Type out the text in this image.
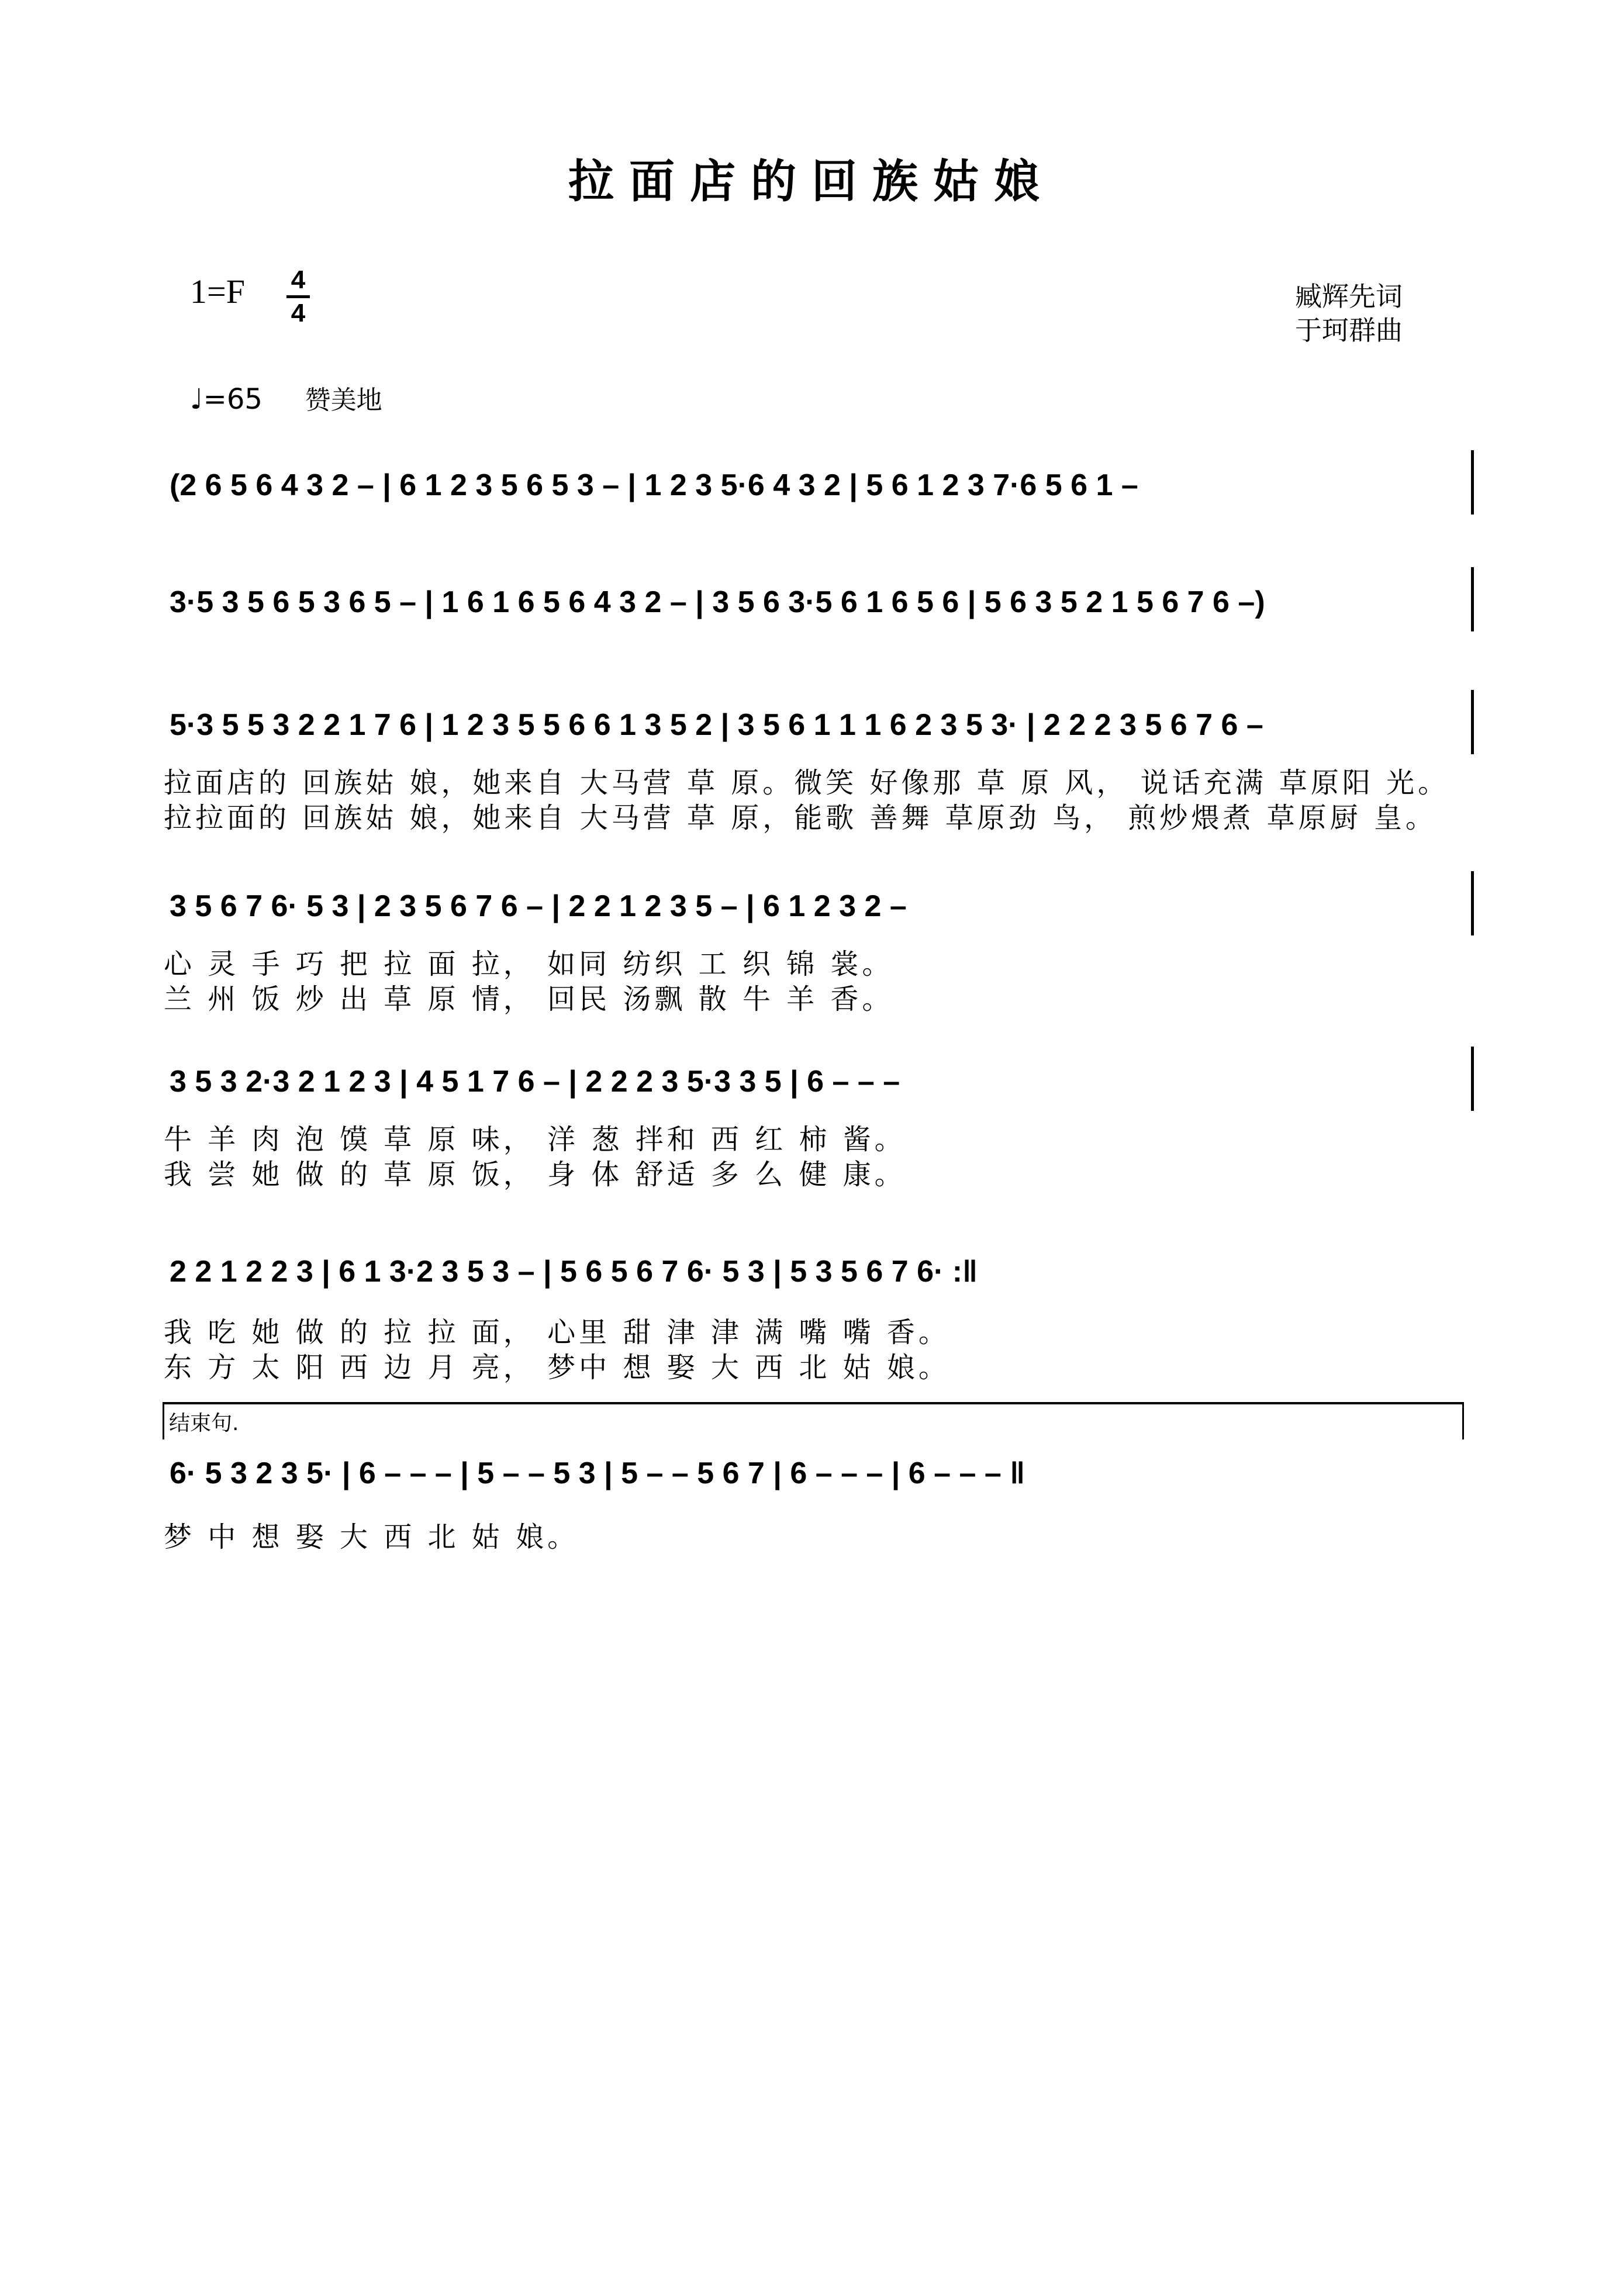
拉面店的回族姑娘
1=F 4
4
臧辉先词
于珂群曲
♩=65 赞美地
(2 6 5 6 4 3 2 – | 6 1 2 3 5 6 5 3 – | 1 2 3 5·6 4 3 2 | 5 6 1 2 3 7·6 5 6 1 –
3·5 3 5 6 5 3 6 5 – | 1 6 1 6 5 6 4 3 2 – | 3 5 6 3·5 6 1 6 5 6 | 5 6 3 5 2 1 5 6 7 6 –)
5·3 5 5 3 2 2 1 7 6 | 1 2 3 5 5 6 6 1 3 5 2 | 3 5 6 1 1 1 6 2 3 5 3· | 2 2 2 3 5 6 7 6 –
拉面店的 回族姑 娘，她来自 大马营 草 原。微笑 好像那 草 原 风， 说话充满 草原阳 光。
拉拉面的 回族姑 娘，她来自 大马营 草 原，能歌 善舞 草原劲 鸟， 煎炒煨煮 草原厨 皇。
3 5 6 7 6· 5 3 | 2 3 5 6 7 6 – | 2 2 1 2 3 5 – | 6 1 2 3 2 –
心 灵 手 巧 把 拉 面 拉， 如同 纺织 工 织 锦 裳。
兰 州 饭 炒 出 草 原 情， 回民 汤飘 散 牛 羊 香。
3 5 3 2·3 2 1 2 3 | 4 5 1 7 6 – | 2 2 2 3 5·3 3 5 | 6 – – –
牛 羊 肉 泡 馍 草 原 味， 洋 葱 拌和 西 红 柿 酱。
我 尝 她 做 的 草 原 饭， 身 体 舒适 多 么 健 康。
2 2 1 2 2 3 | 6 1 3·2 3 5 3 – | 5 6 5 6 7 6· 5 3 | 5 3 5 6 7 6· :‖
我 吃 她 做 的 拉 拉 面， 心里 甜 津 津 满 嘴 嘴 香。
东 方 太 阳 西 边 月 亮， 梦中 想 娶 大 西 北 姑 娘。
结束句.
6· 5 3 2 3 5· | 6 – – – | 5 – – 5 3 | 5 – – 5 6 7 | 6 – – – | 6 – – – ‖
梦 中 想 娶 大 西 北 姑 娘。
